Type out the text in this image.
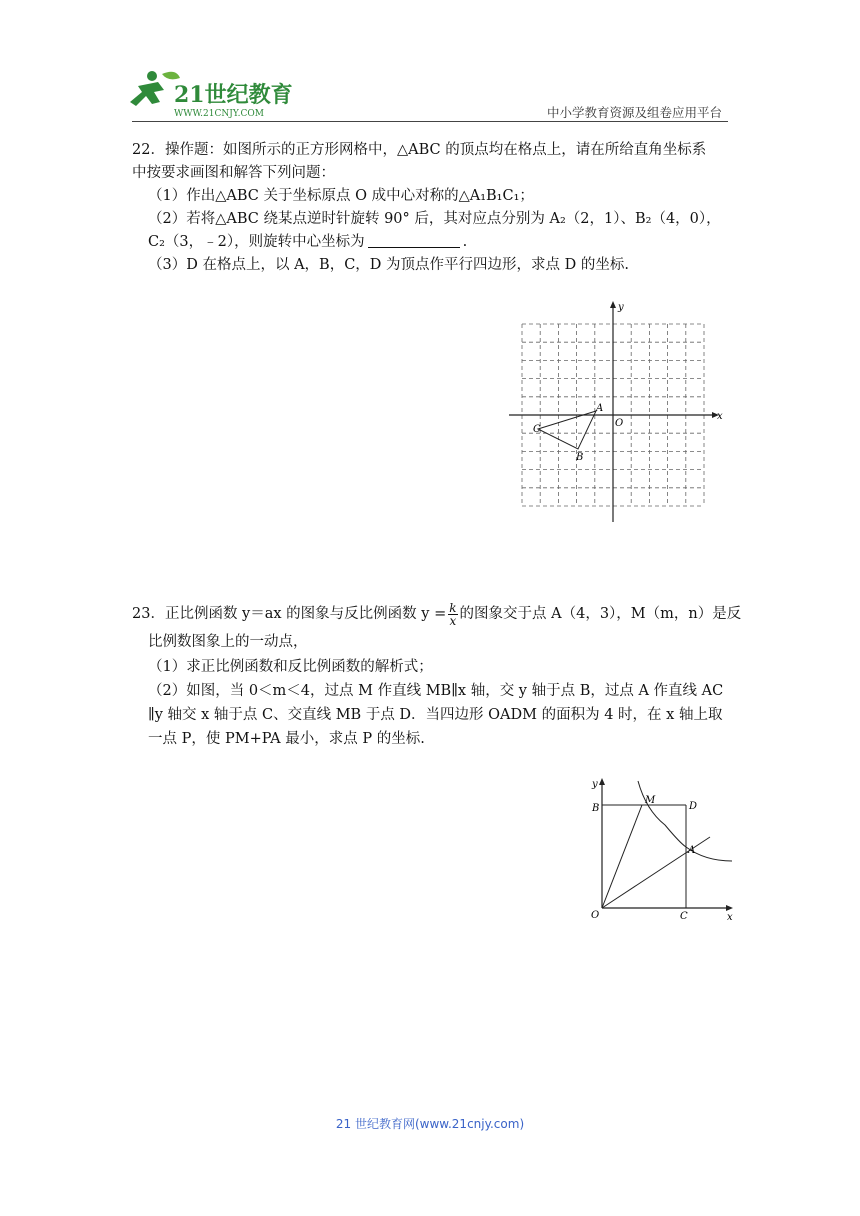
21世纪教育
WWW.21CNJY.COM	中小学教育资源及组卷应用平台
22．操作题：如图所示的正方形网格中，△ABC 的顶点均在格点上，请在所给直角坐标系
中按要求画图和解答下列问题：
（1）作出△ABC 关于坐标原点 O 成中心对称的△A₁B₁C₁；
（2）若将△ABC 绕某点逆时针旋转 90° 后，其对应点分别为 A₂（2，1）、B₂（4，0），
C₂（3，﹣2），则旋转中心坐标为	.
（3）D 在格点上，以 A，B，C，D 为顶点作平行四边形，求点 D 的坐标.
x
y
O
A
B
C
23．正比例函数 y＝ax 的图象与反比例函数 $y = \frac{k}{x}$ 的图象交于点 A（4，3），M（m，n）是反
比例数图象上的一动点，
（1）求正比例函数和反比例函数的解析式；
（2）如图，当 0＜m＜4，过点 M 作直线 MB∥x 轴，交 y 轴于点 B，过点 A 作直线 AC
∥y 轴交 x 轴于点 C、交直线 MB 于点 D．当四边形 OADM 的面积为 4 时，在 x 轴上取
一点 P，使 PM+PA 最小，求点 P 的坐标.
x
y
O
B
M
D
A
C
21 世纪教育网(www.21cnjy.com)
